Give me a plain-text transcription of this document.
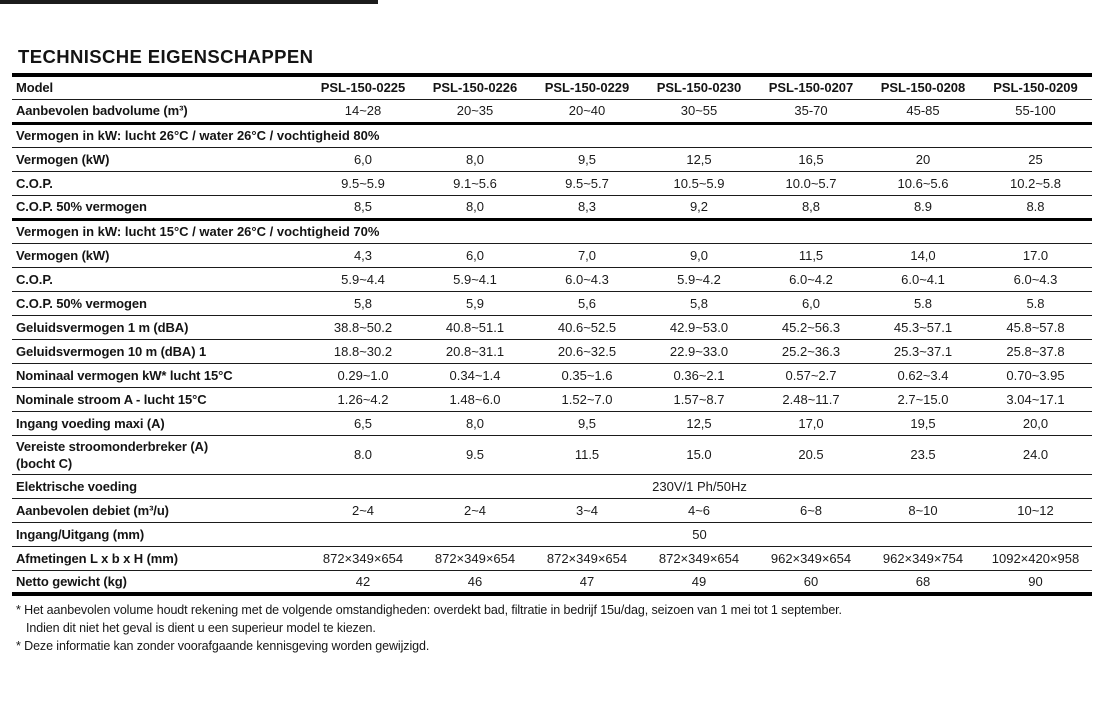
TECHNISCHE EIGENSCHAPPEN
Model	PSL-150-0225	PSL-150-0226	PSL-150-0229	PSL-150-0230	PSL-150-0207	PSL-150-0208	PSL-150-0209
Aanbevolen badvolume (m³)	14~28	20~35	20~40	30~55	35-70	45-85	55-100
Vermogen in kW: lucht 26°C / water 26°C / vochtigheid 80%							
Vermogen (kW)	6,0	8,0	9,5	12,5	16,5	20	25
C.O.P.	9.5~5.9	9.1~5.6	9.5~5.7	10.5~5.9	10.0~5.7	10.6~5.6	10.2~5.8
C.O.P. 50% vermogen	8,5	8,0	8,3	9,2	8,8	8.9	8.8
Vermogen in kW: lucht 15°C / water 26°C / vochtigheid 70%							
Vermogen (kW)	4,3	6,0	7,0	9,0	11,5	14,0	17.0
C.O.P.	5.9~4.4	5.9~4.1	6.0~4.3	5.9~4.2	6.0~4.2	6.0~4.1	6.0~4.3
C.O.P. 50% vermogen	5,8	5,9	5,6	5,8	6,0	5.8	5.8
Geluidsvermogen 1 m (dBA)	38.8~50.2	40.8~51.1	40.6~52.5	42.9~53.0	45.2~56.3	45.3~57.1	45.8~57.8
Geluidsvermogen 10 m (dBA) 1	18.8~30.2	20.8~31.1	20.6~32.5	22.9~33.0	25.2~36.3	25.3~37.1	25.8~37.8
Nominaal vermogen kW* lucht 15°C	0.29~1.0	0.34~1.4	0.35~1.6	0.36~2.1	0.57~2.7	0.62~3.4	0.70~3.95
Nominale stroom A - lucht 15°C	1.26~4.2	1.48~6.0	1.52~7.0	1.57~8.7	2.48~11.7	2.7~15.0	3.04~17.1
Ingang voeding maxi (A)	6,5	8,0	9,5	12,5	17,0	19,5	20,0
Vereiste stroomonderbreker (A)
(bocht C)	8.0	9.5	11.5	15.0	20.5	23.5	24.0
Elektrische voeding	230V/1 Ph/50Hz						
Aanbevolen debiet (m³/u)	2~4	2~4	3~4	4~6	6~8	8~10	10~12
Ingang/Uitgang (mm)	50						
Afmetingen L x b x H (mm)	872×349×654	872×349×654	872×349×654	872×349×654	962×349×654	962×349×754	1092×420×958
Netto gewicht (kg)	42	46	47	49	60	68	90

* Het aanbevolen volume houdt rekening met de volgende omstandigheden: overdekt bad, filtratie in bedrijf 15u/dag, seizoen van 1 mei tot 1 september.

Indien dit niet het geval is dient u een superieur model te kiezen.

* Deze informatie kan zonder voorafgaande kennisgeving worden gewijzigd.
